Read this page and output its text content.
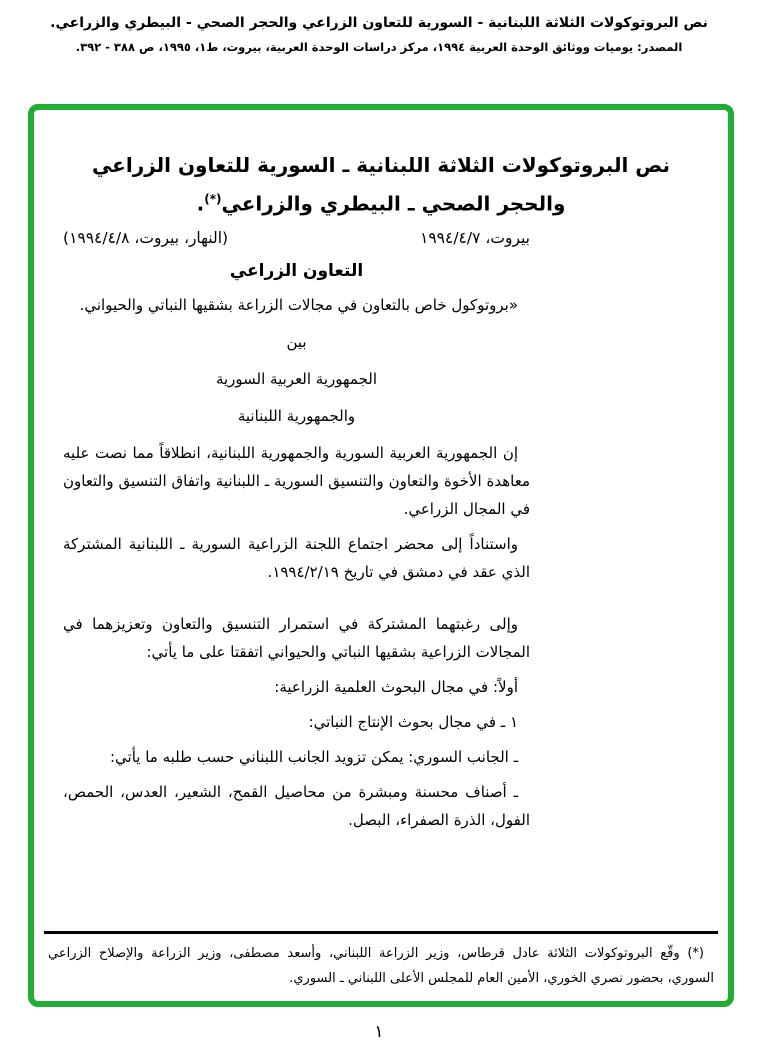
نص البروتوكولات الثلاثة اللبنانية - السورية للتعاون الزراعي والحجر الصحي - البيطري والزراعي.
المصدر: يوميات ووثائق الوحدة العربية ١٩٩٤، مركز دراسات الوحدة العربية، بيروت، ط١، ١٩٩٥، ص ٣٨٨ - ٣٩٢.
نص البروتوكولات الثلاثة اللبنانية ـ السورية للتعاون الزراعي والحجر الصحي ـ البيطري والزراعي(*).
بيروت، ١٩٩٤/٤/٧
(النهار، بيروت، ١٩٩٤/٤/٨)
التعاون الزراعي

«بروتوكول خاص بالتعاون في مجالات الزراعة بشقيها النباتي والحيواني.

بين

الجمهورية العربية السورية

والجمهورية اللبنانية

إن الجمهورية العربية السورية والجمهورية اللبنانية، انطلاقاً مما نصت عليه معاهدة الأخوة والتعاون والتنسيق السورية ـ اللبنانية واتفاق التنسيق والتعاون في المجال الزراعي.

واستناداً إلى محضر اجتماع اللجنة الزراعية السورية ـ اللبنانية المشتركة الذي عقد في دمشق في تاريخ ١٩٩٤/٢/١٩.

وإلى رغبتهما المشتركة في استمرار التنسيق والتعاون وتعزيزهما في المجالات الزراعية بشقيها النباتي والحيواني اتفقتا على ما يأتي:

أولاً: في مجال البحوث العلمية الزراعية:

١ ـ في مجال بحوث الإنتاج النباتي:

ـ الجانب السوري: يمكن تزويد الجانب اللبناني حسب طلبه ما يأتي:

ـ أصناف محسنة ومبشرة من محاصيل القمح، الشعير، العدس، الحمص، الفول، الذرة الصفراء، البصل.

(*) وقّع البروتوكولات الثلاثة عادل قرطاس، وزير الزراعة اللبناني، وأسعد مصطفى، وزير الزراعة والإصلاح الزراعي السوري، بحضور نصري الخوري، الأمين العام للمجلس الأعلى اللبناني ـ السوري.

١
